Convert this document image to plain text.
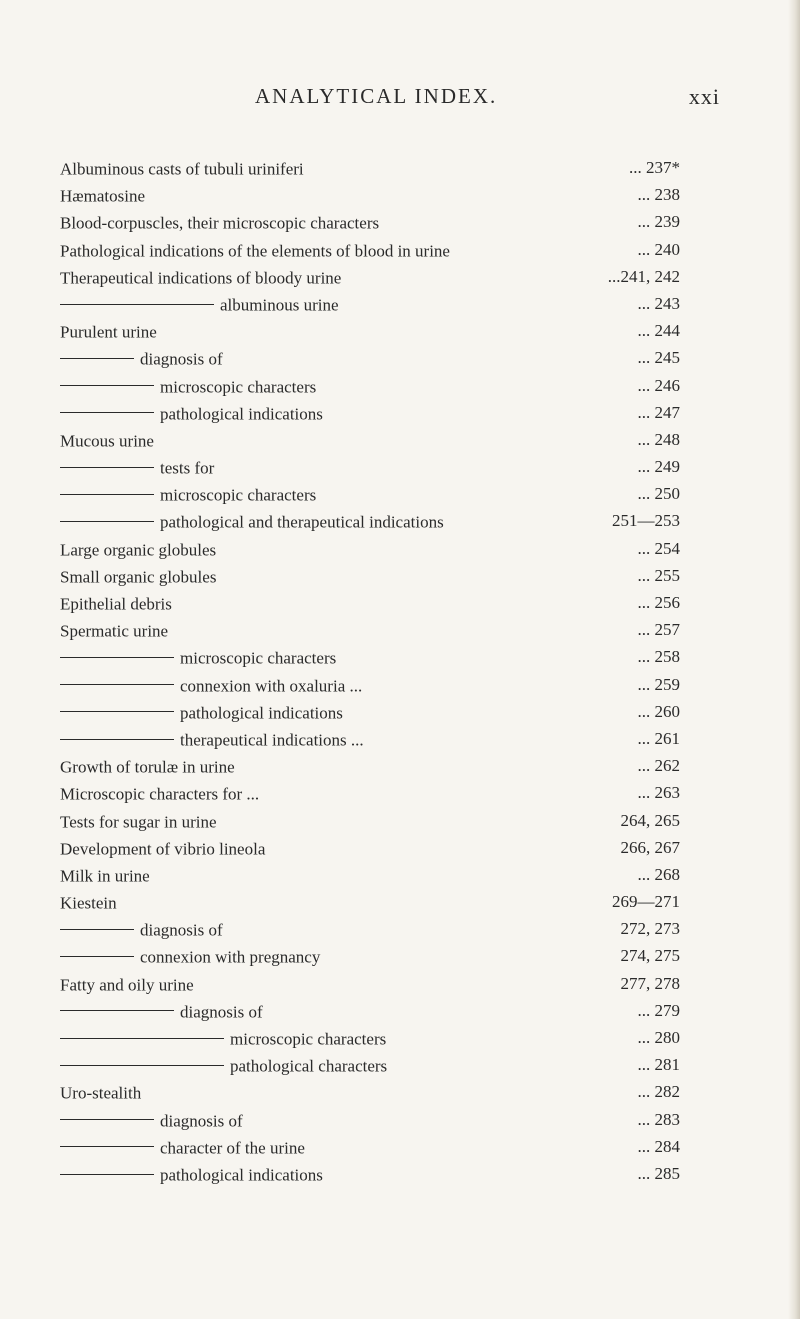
ANALYTICAL INDEX.	xxi
Albuminous casts of tubuli uriniferi	... 237*
Hæmatosine	... 238
Blood-corpuscles, their microscopic characters	... 239
Pathological indications of the elements of blood in urine	... 240
Therapeutical indications of bloody urine	...241, 242
albuminous urine	... 243
Purulent urine	... 244
diagnosis of	... 245
microscopic characters	... 246
pathological indications	... 247
Mucous urine	... 248
tests for	... 249
microscopic characters	... 250
pathological and therapeutical indications	251—253
Large organic globules	... 254
Small organic globules	... 255
Epithelial debris	... 256
Spermatic urine	... 257
microscopic characters	... 258
connexion with oxaluria ...	... 259
pathological indications	... 260
therapeutical indications ...	... 261
Growth of torulæ in urine	... 262
Microscopic characters for ...	... 263
Tests for sugar in urine	264, 265
Development of vibrio lineola	266, 267
Milk in urine	... 268
Kiestein	269—271
diagnosis of	272, 273
connexion with pregnancy	274, 275
Fatty and oily urine	277, 278
diagnosis of	... 279
microscopic characters	... 280
pathological characters	... 281
Uro-stealith	... 282
diagnosis of	... 283
character of the urine	... 284
pathological indications	... 285
